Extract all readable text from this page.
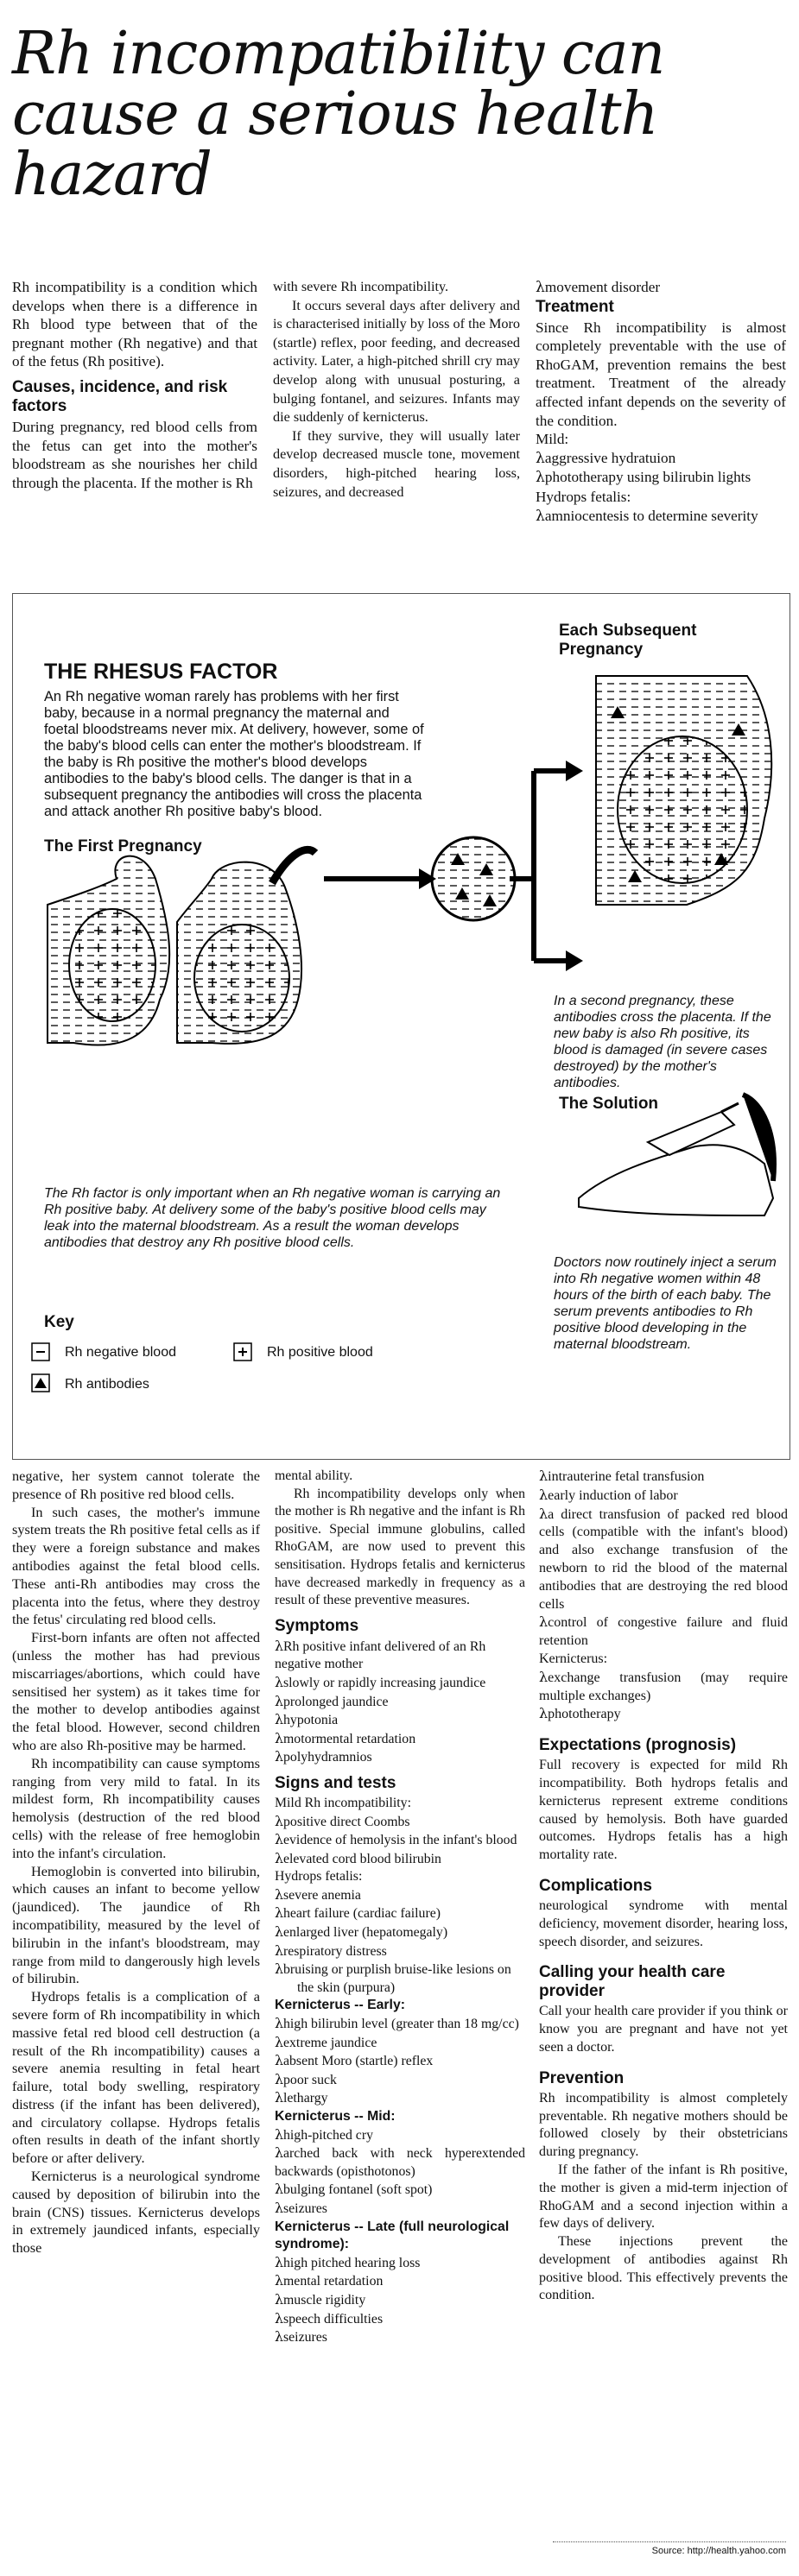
Rh incompatibility can cause a serious health hazard

Rh incompatibility is a condition which develops when there is a difference in Rh blood type between that of the pregnant mother (Rh negative) and that of the fetus (Rh positive).

Causes, incidence, and risk factors

During pregnancy, red blood cells from the fetus can get into the mother's bloodstream as she nourishes her child through the placenta. If the mother is Rh

with severe Rh incompatibility.

It occurs several days after delivery and is characterised initially by loss of the Moro (startle) reflex, poor feeding, and decreased activity. Later, a high-pitched shrill cry may develop along with unusual posturing, a bulging fontanel, and seizures. Infants may die suddenly of kernicterus.

If they survive, they will usually later develop decreased muscle tone, movement disorders, high-pitched hearing loss, seizures, and decreased

λmovement disorder

Treatment

Since Rh incompatibility is almost completely preventable with the use of RhoGAM, prevention remains the best treatment. Treatment of the already affected infant depends on the severity of the condition.

Mild:

λaggressive hydratuion

λphototherapy using bilirubin lights

Hydrops fetalis:

λamniocentesis to determine severity

THE RHESUS FACTOR
An Rh negative woman rarely has problems with her first baby, because in a normal pregnancy the maternal and foetal bloodstreams never mix. At delivery, however, some of the baby's blood cells can enter the mother's bloodstream. If the baby is Rh positive the mother's blood develops antibodies to the baby's blood cells. The danger is that in a subsequent pregnancy the antibodies will cross the placenta and attack another Rh positive baby's blood.
The First Pregnancy
Each Subsequent Pregnancy
In a second pregnancy, these antibodies cross the placenta. If the new baby is also Rh positive, its blood is damaged (in severe cases destroyed) by the mother's antibodies.
The Rh factor is only important when an Rh negative woman is carrying an Rh positive baby. At delivery some of the baby's positive blood cells may leak into the maternal bloodstream. As a result the woman develops antibodies that destroy any Rh positive blood cells.
The Solution
Doctors now routinely inject a serum into Rh negative women within 48 hours of the birth of each baby. The serum prevents antibodies to Rh positive blood developing in the maternal bloodstream.
Key
Rh negative blood	Rh positive blood
Rh antibodies

negative, her system cannot tolerate the presence of Rh positive red blood cells.

In such cases, the mother's immune system treats the Rh positive fetal cells as if they were a foreign substance and makes antibodies against the fetal blood cells. These anti-Rh antibodies may cross the placenta into the fetus, where they destroy the fetus' circulating red blood cells.

First-born infants are often not affected (unless the mother has had previous miscarriages/abortions, which could have sensitised her system) as it takes time for the mother to develop antibodies against the fetal blood. However, second children who are also Rh-positive may be harmed.

Rh incompatibility can cause symptoms ranging from very mild to fatal. In its mildest form, Rh incompatibility causes hemolysis (destruction of the red blood cells) with the release of free hemoglobin into the infant's circulation.

Hemoglobin is converted into bilirubin, which causes an infant to become yellow (jaundiced). The jaundice of Rh incompatibility, measured by the level of bilirubin in the infant's bloodstream, may range from mild to dangerously high levels of bilirubin.

Hydrops fetalis is a complication of a severe form of Rh incompatibility in which massive fetal red blood cell destruction (a result of the Rh incompatibility) causes a severe anemia resulting in fetal heart failure, total body swelling, respiratory distress (if the infant has been delivered), and circulatory collapse. Hydrops fetalis often results in death of the infant shortly before or after delivery.

Kernicterus is a neurological syndrome caused by deposition of bilirubin into the brain (CNS) tissues. Kernicterus develops in extremely jaundiced infants, especially those

mental ability.

Rh incompatibility develops only when the mother is Rh negative and the infant is Rh positive. Special immune globulins, called RhoGAM, are now used to prevent this sensitisation. Hydrops fetalis and kernicterus have decreased markedly in frequency as a result of these preventive measures.

Symptoms

λRh positive infant delivered of an Rh negative mother

λslowly or rapidly increasing jaundice

λprolonged jaundice

λhypotonia

λmotormental retardation

λpolyhydramnios

Signs and tests

Mild Rh incompatibility:

λpositive direct Coombs

λevidence of hemolysis in the infant's blood

λelevated cord blood bilirubin

Hydrops fetalis:

λsevere anemia

λheart failure (cardiac failure)

λenlarged liver (hepatomegaly)

λrespiratory distress

λbruising or purplish bruise-like lesions on the skin (purpura)

Kernicterus -- Early:

λhigh bilirubin level (greater than 18 mg/cc)

λextreme jaundice

λabsent Moro (startle) reflex

λpoor suck

λlethargy

Kernicterus -- Mid:

λhigh-pitched cry

λarched back with neck hyperextended backwards (opisthotonos)

λbulging fontanel (soft spot)

λseizures

Kernicterus -- Late (full neurological syndrome):

λhigh pitched hearing loss

λmental retardation

λmuscle rigidity

λspeech difficulties

λseizures

λintrauterine fetal transfusion

λearly induction of labor

λa direct transfusion of packed red blood cells (compatible with the infant's blood) and also exchange transfusion of the newborn to rid the blood of the maternal antibodies that are destroying the red blood cells

λcontrol of congestive failure and fluid retention

Kernicterus:

λexchange transfusion (may require multiple exchanges)

λphototherapy

Expectations (prognosis)

Full recovery is expected for mild Rh incompatibility. Both hydrops fetalis and kernicterus represent extreme conditions caused by hemolysis. Both have guarded outcomes. Hydrops fetalis has a high mortality rate.

Complications

neurological syndrome with mental deficiency, movement disorder, hearing loss, speech disorder, and seizures.

Calling your health care provider

Call your health care provider if you think or know you are pregnant and have not yet seen a doctor.

Prevention

Rh incompatibility is almost completely preventable. Rh negative mothers should be followed closely by their obstetricians during pregnancy.

If the father of the infant is Rh positive, the mother is given a mid-term injection of RhoGAM and a second injection within a few days of delivery.

These injections prevent the development of antibodies against Rh positive blood. This effectively prevents the condition.

Source: http://health.yahoo.com
